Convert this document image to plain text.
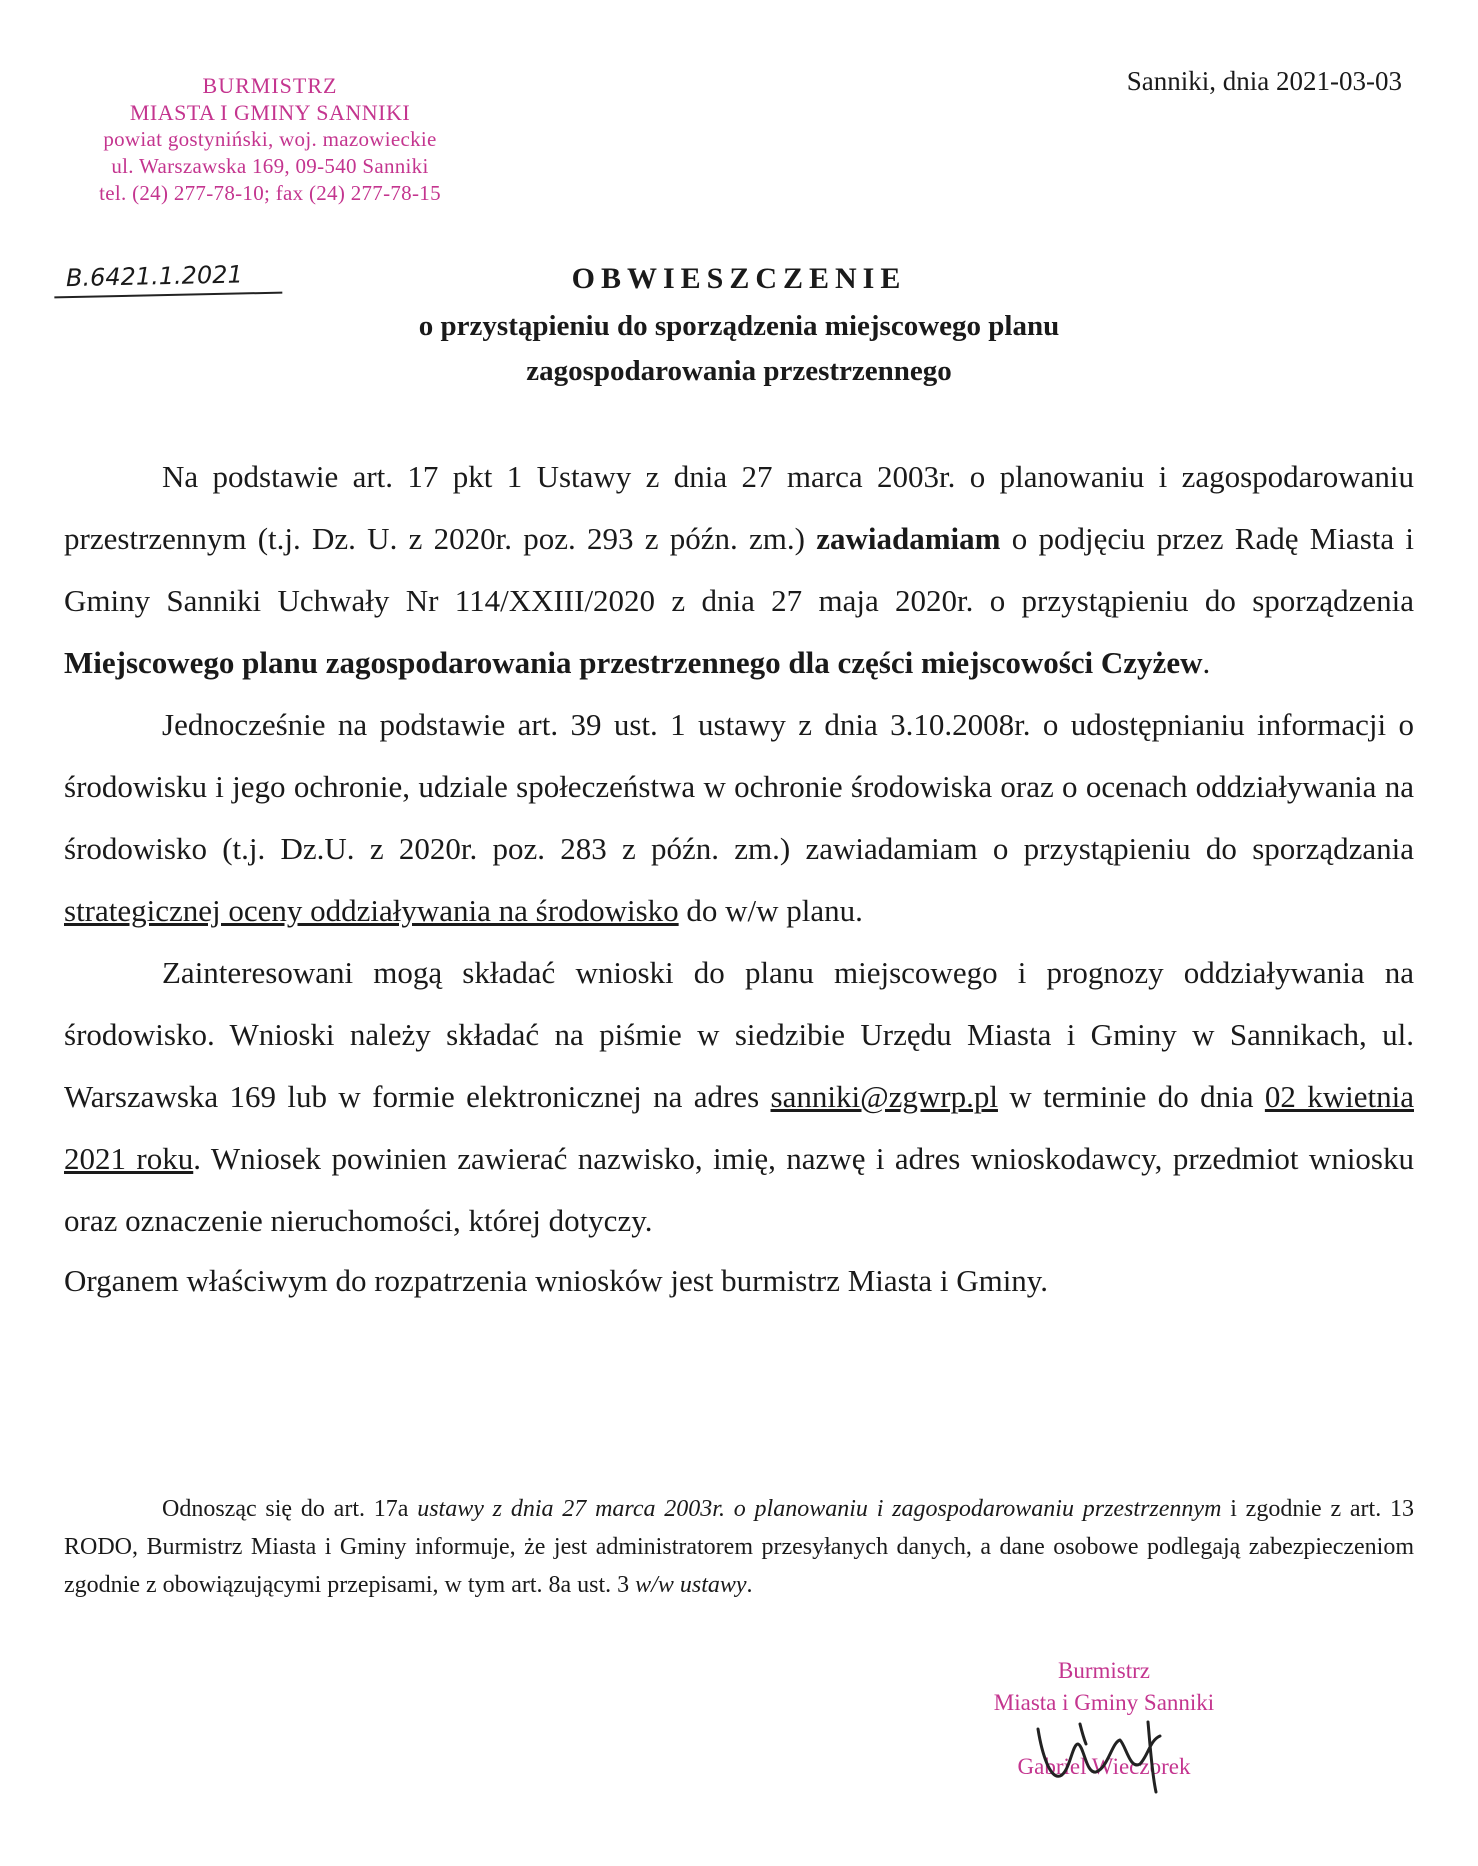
BURMISTRZ
MIASTA I GMINY SANNIKI
powiat gostyniński, woj. mazowieckie
ul. Warszawska 169, 09-540 Sanniki
tel. (24) 277-78-10; fax (24) 277-78-15
Sanniki, dnia 2021-03-03
B.6421.1.2021	OBWIESZCZENIE
o przystąpieniu do sporządzenia miejscowego planu
zagospodarowania przestrzennego

Na podstawie art. 17 pkt 1 Ustawy z dnia 27 marca 2003r. o planowaniu i zagospodarowaniu przestrzennym (t.j. Dz. U. z 2020r. poz. 293 z późn. zm.) zawiadamiam o podjęciu przez Radę Miasta i Gminy Sanniki Uchwały Nr 114/XXIII/2020 z dnia 27 maja 2020r. o przystąpieniu do sporządzenia Miejscowego planu zagospodarowania przestrzennego dla części miejscowości Czyżew.

Jednocześnie na podstawie art. 39 ust. 1 ustawy z dnia 3.10.2008r. o udostępnianiu informacji o środowisku i jego ochronie, udziale społeczeństwa w ochronie środowiska oraz o ocenach oddziaływania na środowisko (t.j. Dz.U. z 2020r. poz. 283 z późn. zm.) zawiadamiam o przystąpieniu do sporządzania strategicznej oceny oddziaływania na środowisko do w/w planu.

Zainteresowani mogą składać wnioski do planu miejscowego i prognozy oddziaływania na środowisko. Wnioski należy składać na piśmie w siedzibie Urzędu Miasta i Gminy w Sannikach, ul. Warszawska 169 lub w formie elektronicznej na adres sanniki@zgwrp.pl w terminie do dnia 02 kwietnia 2021 roku. Wniosek powinien zawierać nazwisko, imię, nazwę i adres wnioskodawcy, przedmiot wniosku oraz oznaczenie nieruchomości, której dotyczy.

Organem właściwym do rozpatrzenia wniosków jest burmistrz Miasta i Gminy.

Odnosząc się do art. 17a ustawy z dnia 27 marca 2003r. o planowaniu i zagospodarowaniu przestrzennym i zgodnie z art. 13 RODO, Burmistrz Miasta i Gminy informuje, że jest administratorem przesyłanych danych, a dane osobowe podlegają zabezpieczeniom zgodnie z obowiązującymi przepisami, w tym art. 8a ust. 3 w/w ustawy.

Burmistrz
Miasta i Gminy Sanniki
Gabriel Wieczorek
